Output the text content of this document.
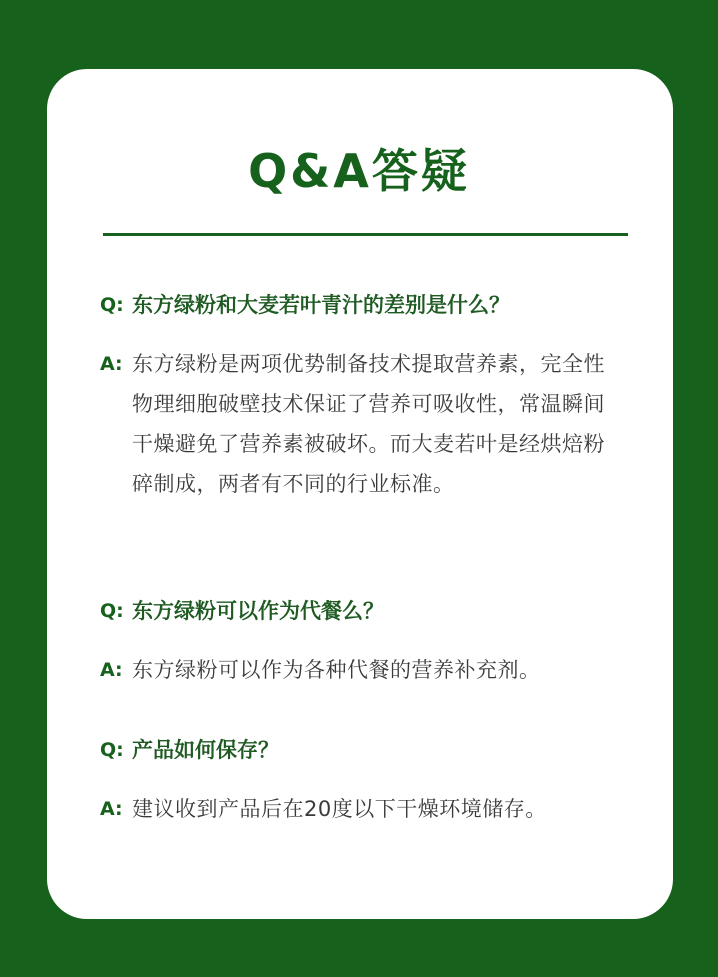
Q&A答疑
Q: 东方绿粉和大麦若叶青汁的差别是什么？
A: 东方绿粉是两项优势制备技术提取营养素，完全性物理细胞破壁技术保证了营养可吸收性，常温瞬间干燥避免了营养素被破坏。而大麦若叶是经烘焙粉碎制成，两者有不同的行业标准。
Q: 东方绿粉可以作为代餐么？
A: 东方绿粉可以作为各种代餐的营养补充剂。
Q: 产品如何保存？
A: 建议收到产品后在20度以下干燥环境储存。
